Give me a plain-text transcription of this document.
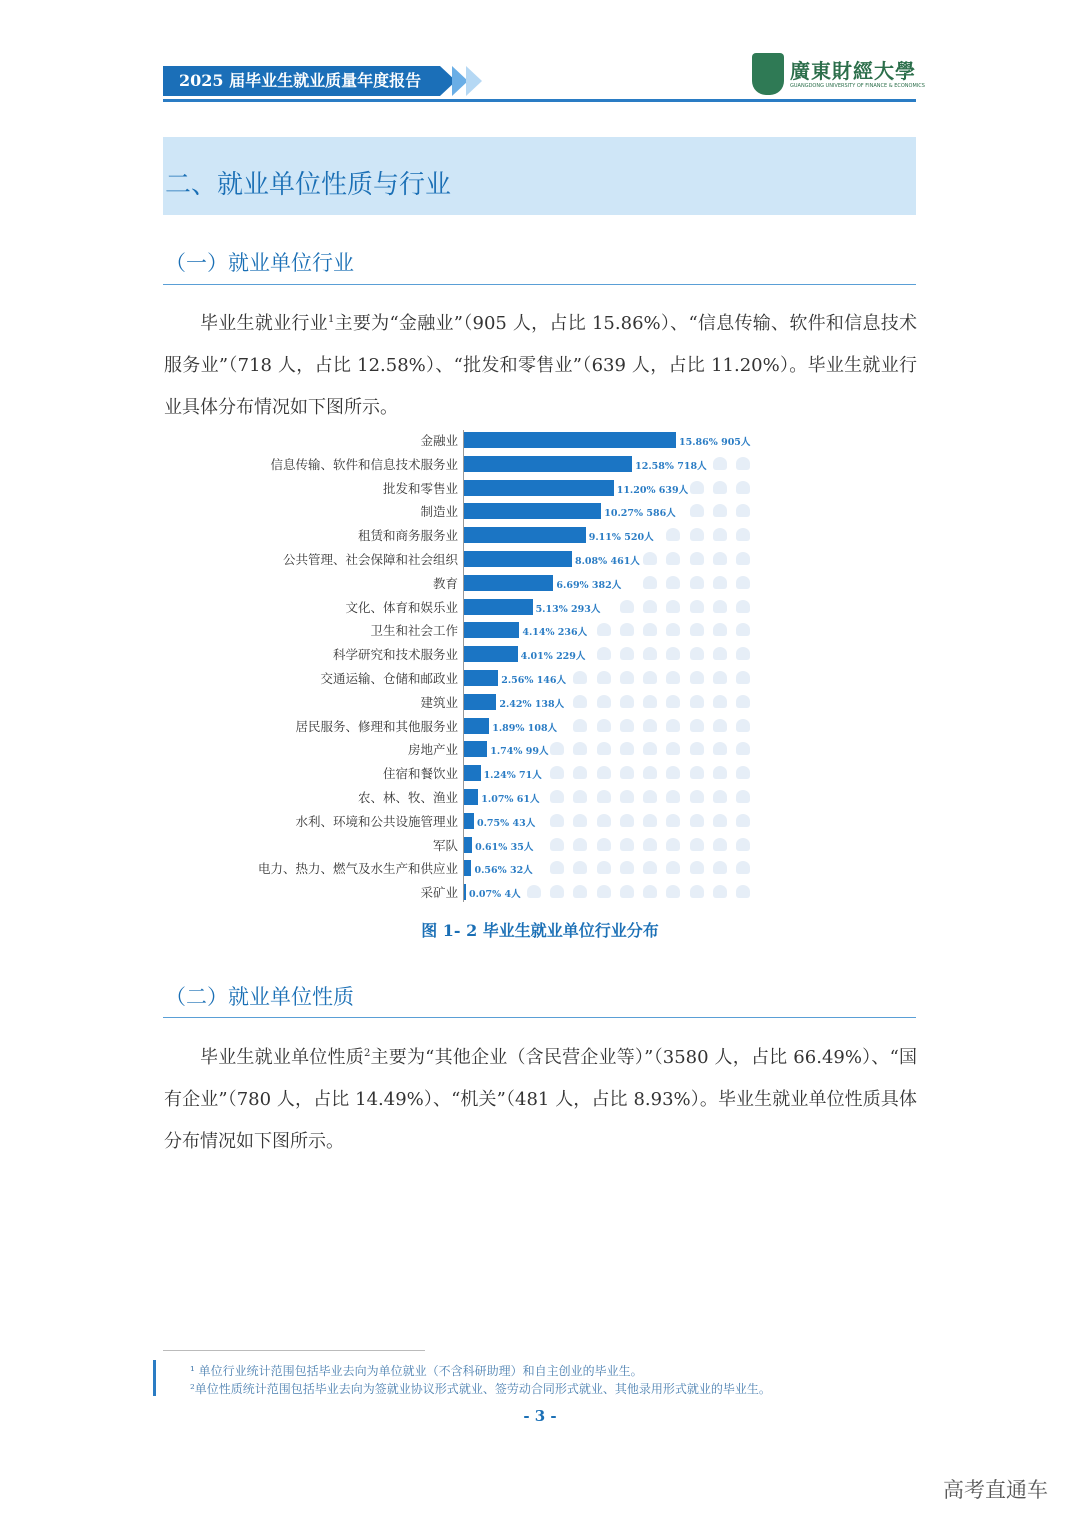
2025 届毕业生就业质量年度报告	廣東財經大學
GUANGDONG UNIVERSITY OF FINANCE & ECONOMICS
二、就业单位性质与行业
（一）就业单位行业
毕业生就业行业$^1$主要为“金融业”（905 人，占比 15.86%）、“信息传输、软件和信息技术服务业”（718 人，占比 12.58%）、“批发和零售业”（639 人，占比 11.20%）。毕业生就业行业具体分布情况如下图所示。
金融业	15.86% 905人
信息传输、软件和信息技术服务业	12.58% 718人
批发和零售业	11.20% 639人
制造业	10.27% 586人
租赁和商务服务业	9.11% 520人
公共管理、社会保障和社会组织	8.08% 461人
教育	6.69% 382人
文化、体育和娱乐业	5.13% 293人
卫生和社会工作	4.14% 236人
科学研究和技术服务业	4.01% 229人
交通运输、仓储和邮政业	2.56% 146人
建筑业	2.42% 138人
居民服务、修理和其他服务业	1.89% 108人
房地产业	1.74% 99人
住宿和餐饮业	1.24% 71人
农、林、牧、渔业 1.07% 61人
水利、环境和公共设施管理业 0.75% 43人
军队 0.61% 35人
电力、热力、燃气及水生产和供应业 0.56% 32人
采矿业 0.07% 4人
图 1- 2 毕业生就业单位行业分布
（二）就业单位性质
毕业生就业单位性质$^2$主要为“其他企业（含民营企业等）”（3580 人，占比 66.49%）、“国有企业”（780 人，占比 14.49%）、“机关”（481 人，占比 8.93%）。毕业生就业单位性质具体分布情况如下图所示。
¹ 单位行业统计范围包括毕业去向为单位就业（不含科研助理）和自主创业的毕业生。
²单位性质统计范围包括毕业去向为签就业协议形式就业、签劳动合同形式就业、其他录用形式就业的毕业生。
- 3 -
高考直通车
